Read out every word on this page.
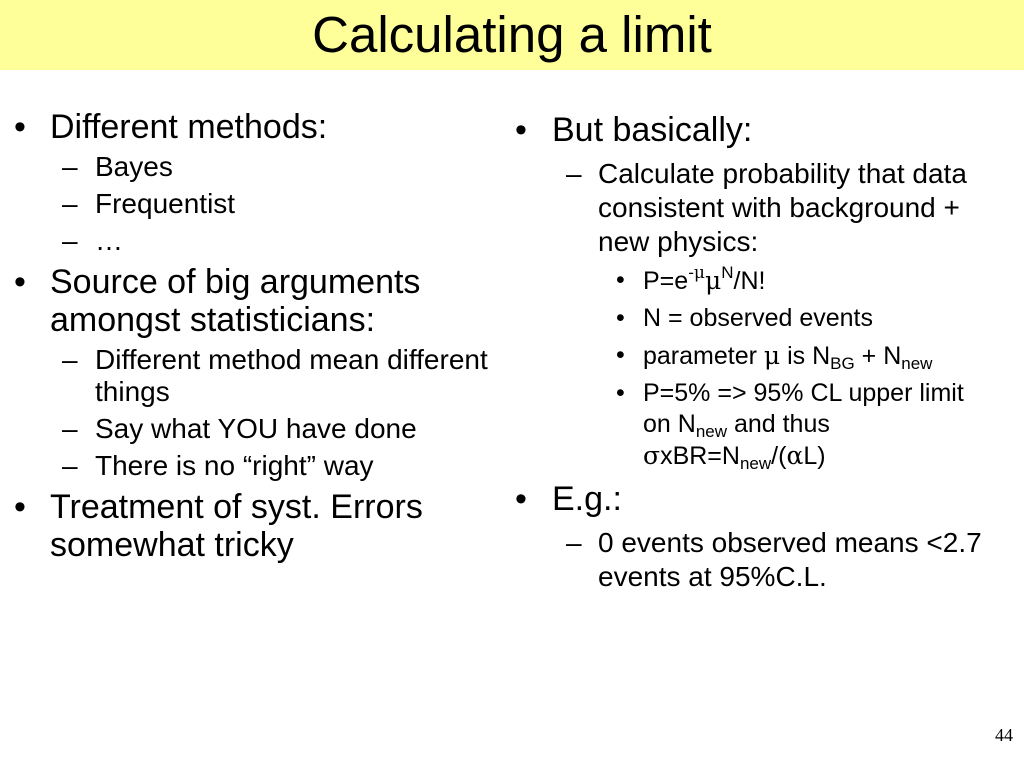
Calculating a limit
• Different methods:
– Bayes
– Frequentist
– …
• Source of big arguments amongst statisticians:
– Different method mean different things
– Say what YOU have done
– There is no “right” way
• Treatment of syst. Errors somewhat tricky
• But basically:
– Calculate probability that data consistent with background + new physics:
• $P=e^{-\mu}\mu^N/N$!
• N = observed events
• parameter μ is $N_{BG} + N_{new}$
• P=5% => 95% CL upper limit on $N_{new}$ and thus $\sigma xBR=N_{new}/(\alpha L)$
• E.g.:
– 0 events observed means <2.7 events at 95%C.L.
44
